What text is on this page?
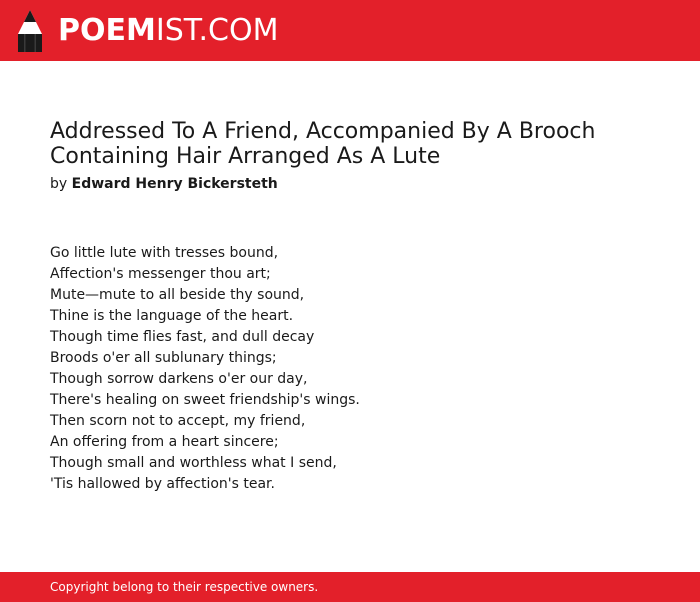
POEMIST.COM
Addressed To A Friend, Accompanied By A Brooch Containing Hair Arranged As A Lute
by Edward Henry Bickersteth
Go little lute with tresses bound,
Affection's messenger thou art;
Mute—mute to all beside thy sound,
Thine is the language of the heart.
Though time flies fast, and dull decay
Broods o'er all sublunary things;
Though sorrow darkens o'er our day,
There's healing on sweet friendship's wings.
Then scorn not to accept, my friend,
An offering from a heart sincere;
Though small and worthless what I send,
'Tis hallowed by affection's tear.
Copyright belong to their respective owners.
